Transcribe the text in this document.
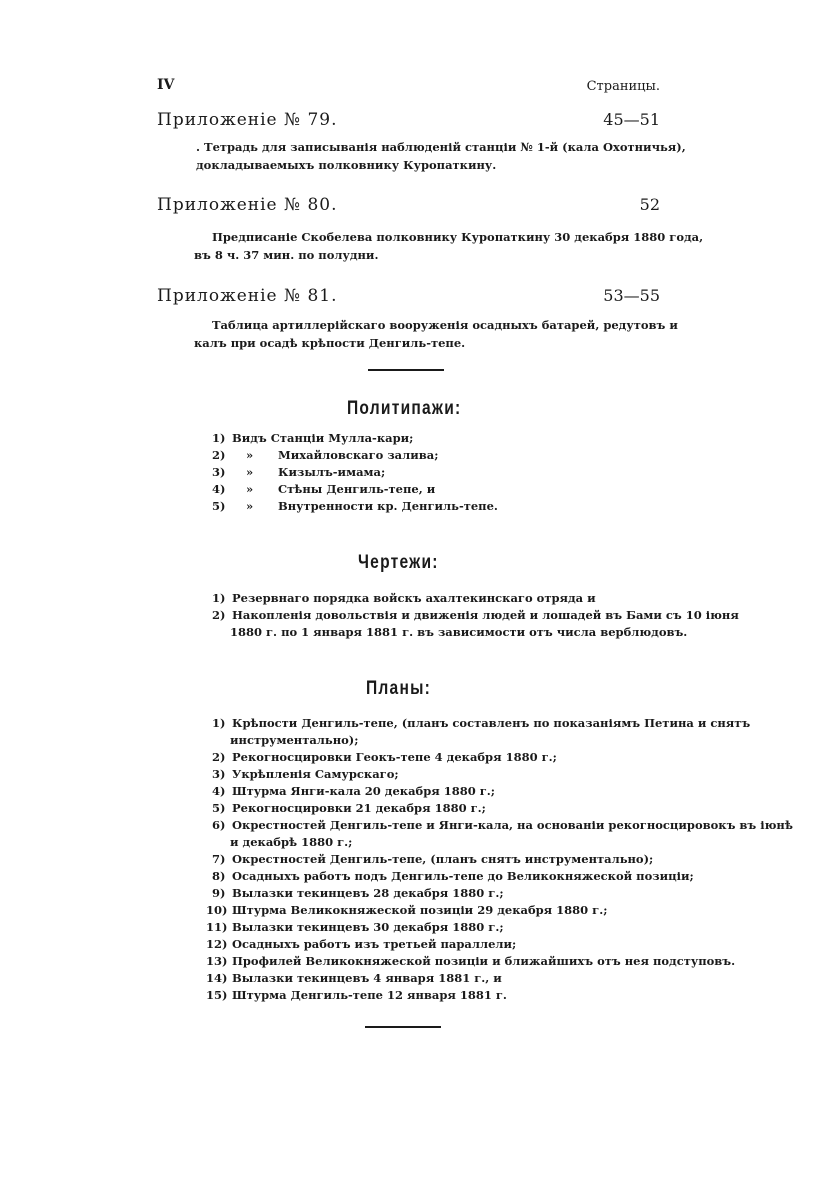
IV	Страницы.
Приложеніе № 79.	45—51
. Тетрадь для записыванія наблюденій станціи № 1-й (кала Охотничья),
докладываемыхъ полковнику Куропаткину.
Приложеніе № 80.	52
Предписаніе Скобелева полковнику Куропаткину 30 декабря 1880 года,
въ 8 ч. 37 мин. по полудни.
Приложеніе № 81.	53—55
Таблица артиллерійскаго вооруженія осадныхъ батарей, редутовъ и
калъ при осадѣ крѣпости Денгиль-тепе.
Политипажи:
1) Видъ Станціи Мулла-кари;
2) » Михайловскаго залива;
3) » Кизылъ-имама;
4) » Стѣны Денгиль-тепе, и
5) » Внутренности кр. Денгиль-тепе.
Чертежи:
1) Резервнаго порядка войскъ ахалтекинскаго отряда и
2) Накопленія довольствія и движенія людей и лошадей въ Бами съ 10 іюня
1880 г. по 1 января 1881 г. въ зависимости отъ числа верблюдовъ.
Планы:
1) Крѣпости Денгиль-тепе, (планъ составленъ по показаніямъ Петина и снятъ
инструментально);
2) Рекогносцировки Геокъ-тепе 4 декабря 1880 г.;
3) Укрѣпленія Самурскаго;
4) Штурма Янги-кала 20 декабря 1880 г.;
5) Рекогносцировки 21 декабря 1880 г.;
6) Окрестностей Денгиль-тепе и Янги-кала, на основаніи рекогносцировокъ въ іюнѣ
и декабрѣ 1880 г.;
7) Окрестностей Денгиль-тепе, (планъ снятъ инструментально);
8) Осадныхъ работъ подъ Денгиль-тепе до Великокняжеской позиціи;
9) Вылазки текинцевъ 28 декабря 1880 г.;
10) Штурма Великокняжеской позиціи 29 декабря 1880 г.;
11) Вылазки текинцевъ 30 декабря 1880 г.;
12) Осадныхъ работъ изъ третьей параллели;
13) Профилей Великокняжеской позиціи и ближайшихъ отъ нея подступовъ.
14) Вылазки текинцевъ 4 января 1881 г., и
15) Штурма Денгиль-тепе 12 января 1881 г.
